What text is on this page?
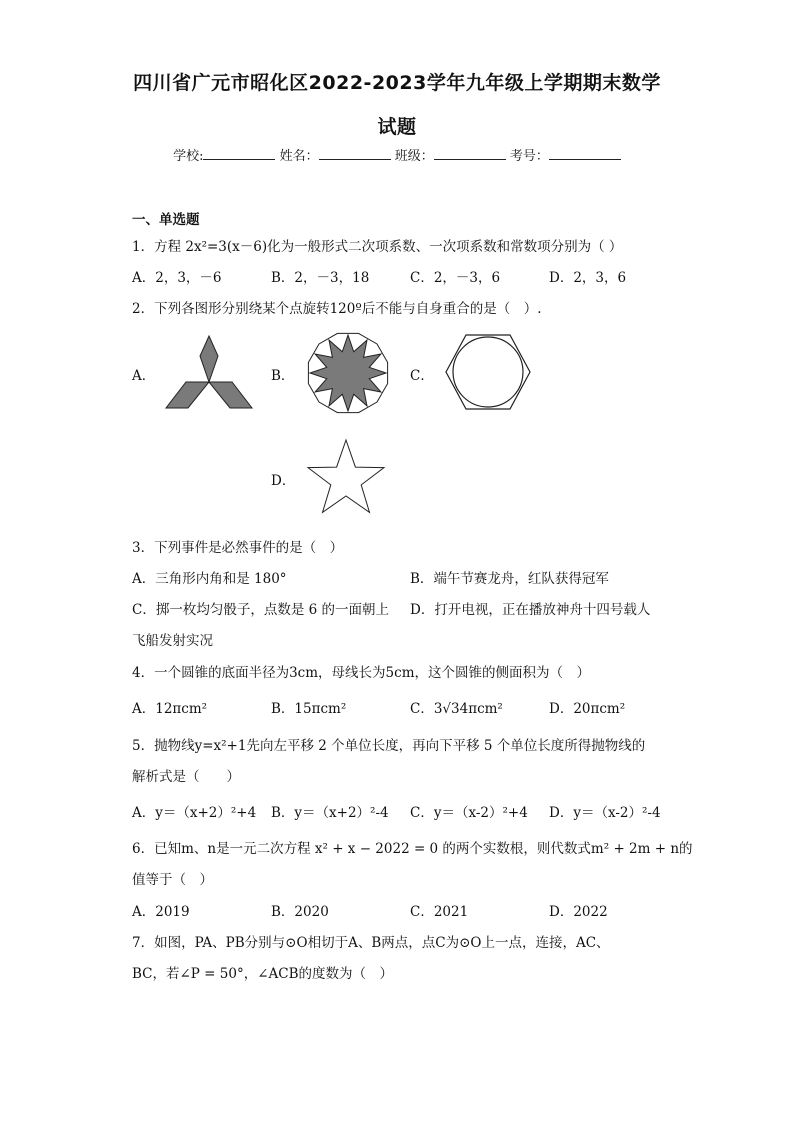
四川省广元市昭化区2022-2023学年九年级上学期期末数学
试题
学校:	姓名：	班级：	考号：
一、单选题
1．方程 2x²=3(x－6)化为一般形式二次项系数、一次项系数和常数项分别为（ ）
A．2，3，－6	B．2，－3，18	C．2，－3，6	D．2，3，6
2．下列各图形分别绕某个点旋转120º后不能与自身重合的是（　）.
A．	B．	C．
D．
3．下列事件是必然事件的是（　）
A．三角形内角和是 180°	B．端午节赛龙舟，红队获得冠军
C．掷一枚均匀骰子，点数是 6 的一面朝上 D．打开电视，正在播放神舟十四号载人
飞船发射实况
4．一个圆锥的底面半径为3cm，母线长为5cm，这个圆锥的侧面积为（　）
A．12πcm²	B．15πcm²	C．3√34πcm²	D．20πcm²
5．抛物线y=x²+1先向左平移 2 个单位长度，再向下平移 5 个单位长度所得抛物线的
解析式是（　　）
A．y＝（x+2）²+4 B．y＝（x+2）²-4 C．y＝（x-2）²+4 D．y＝（x-2）²-4
6．已知m、n是一元二次方程 x² + x − 2022 = 0 的两个实数根，则代数式m² + 2m + n的
值等于（　）
A．2019	B．2020	C．2021	D．2022
7．如图，PA、PB分别与⊙O相切于A、B两点，点C为⊙O上一点，连接，AC、
BC，若∠P = 50°，∠ACB的度数为（　）
